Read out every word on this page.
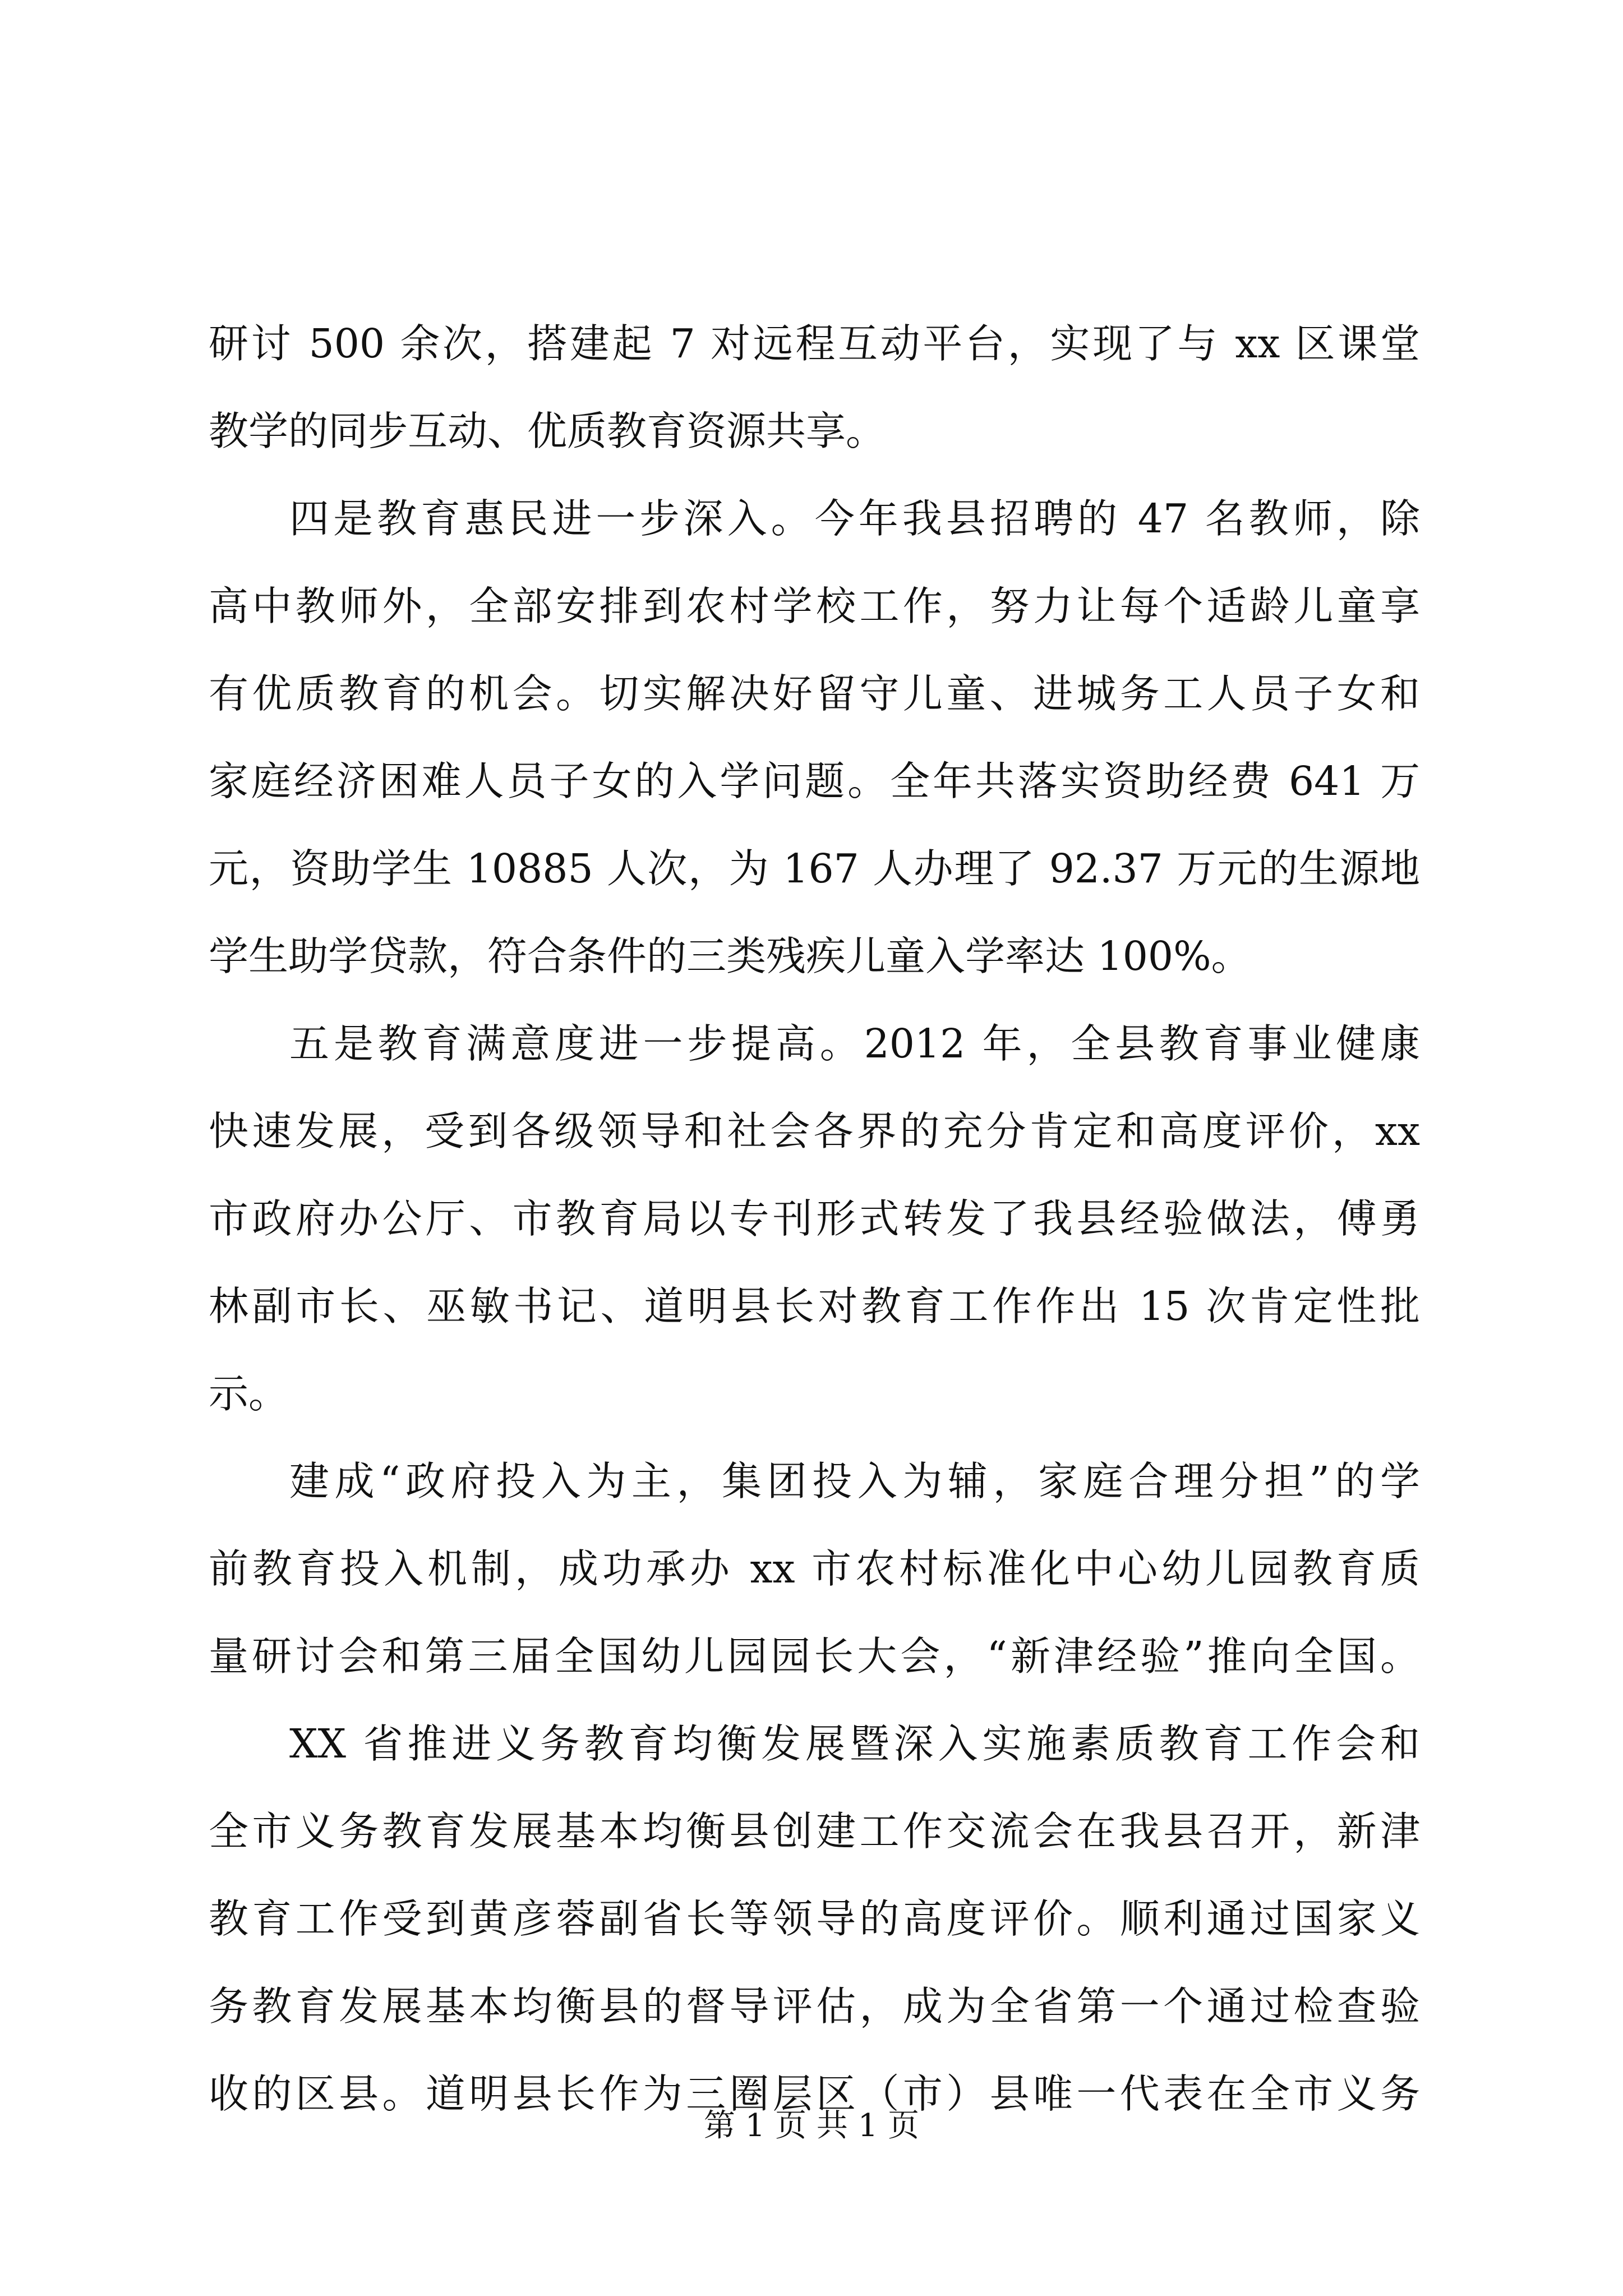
研讨 500 余次，搭建起 7 对远程互动平台，实现了与 xx 区课堂
教学的同步互动、优质教育资源共享。
四是教育惠民进一步深入。今年我县招聘的 47 名教师，除
高中教师外，全部安排到农村学校工作，努力让每个适龄儿童享
有优质教育的机会。切实解决好留守儿童、进城务工人员子女和
家庭经济困难人员子女的入学问题。全年共落实资助经费 641 万
元，资助学生 10885 人次，为 167 人办理了 92.37 万元的生源地
学生助学贷款，符合条件的三类残疾儿童入学率达 100%。
五是教育满意度进一步提高。2012 年，全县教育事业健康
快速发展，受到各级领导和社会各界的充分肯定和高度评价，xx
市政府办公厅、市教育局以专刊形式转发了我县经验做法，傅勇
林副市长、巫敏书记、道明县长对教育工作作出 15 次肯定性批
示。
建成“政府投入为主，集团投入为辅，家庭合理分担”的学
前教育投入机制，成功承办 xx 市农村标准化中心幼儿园教育质
量研讨会和第三届全国幼儿园园长大会，“新津经验”推向全国。
XX 省推进义务教育均衡发展暨深入实施素质教育工作会和
全市义务教育发展基本均衡县创建工作交流会在我县召开，新津
教育工作受到黄彦蓉副省长等领导的高度评价。顺利通过国家义
务教育发展基本均衡县的督导评估，成为全省第一个通过检查验
收的区县。道明县长作为三圈层区（市）县唯一代表在全市义务
第 1 页 共 1 页
